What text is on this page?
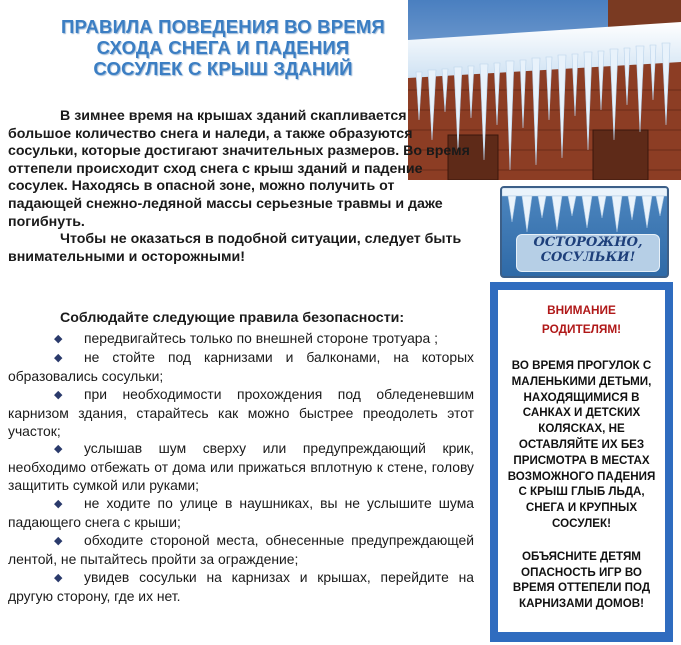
ПРАВИЛА ПОВЕДЕНИЯ ВО ВРЕМЯ СХОДА СНЕГА И ПАДЕНИЯ СОСУЛЕК С КРЫШ ЗДАНИЙ

В зимнее время на крышах зданий скапливается большое количество снега и наледи, а также образуются сосульки, которые достигают значительных размеров. Во время оттепели происходит сход снега с крыш зданий и падение сосулек. Находясь в опасной зоне, можно получить от падающей снежно-ледяной массы серьезные травмы и даже погибнуть.

Чтобы не оказаться в подобной ситуации, следует быть внимательными и осторожными!

ОСТОРОЖНО,
СОСУЛЬКИ!
Соблюдайте следующие правила безопасности:

◆ передвигайтесь только по внешней стороне тротуара ;

◆ не стойте под карнизами и балконами, на которых образовались сосульки;

◆ при необходимости прохождения под обледеневшим карнизом здания, старайтесь как можно быстрее преодолеть этот участок;

◆ услышав шум сверху или предупреждающий крик, необходимо отбежать от дома или прижаться вплотную к стене, голову защитить сумкой или руками;

◆ не ходите по улице в наушниках, вы не услышите шума падающего снега с крыши;

◆ обходите стороной места, обнесенные предупреждающей лентой, не пытайтесь пройти за ограждение;

◆ увидев сосульки на карнизах и крышах, перейдите на другую сторону, где их нет.

ВНИМАНИЕ
РОДИТЕЛЯМ!
ВО ВРЕМЯ ПРОГУЛОК С МАЛЕНЬКИМИ ДЕТЬМИ, НАХОДЯЩИМИСЯ В САНКАХ И ДЕТСКИХ КОЛЯСКАХ, НЕ ОСТАВЛЯЙТЕ ИХ БЕЗ ПРИСМОТРА В МЕСТАХ ВОЗМОЖНОГО ПАДЕНИЯ С КРЫШ ГЛЫБ ЛЬДА, СНЕГА И КРУПНЫХ СОСУЛЕК!
ОБЪЯСНИТЕ ДЕТЯМ ОПАСНОСТЬ ИГР ВО ВРЕМЯ ОТТЕПЕЛИ ПОД КАРНИЗАМИ ДОМОВ!
